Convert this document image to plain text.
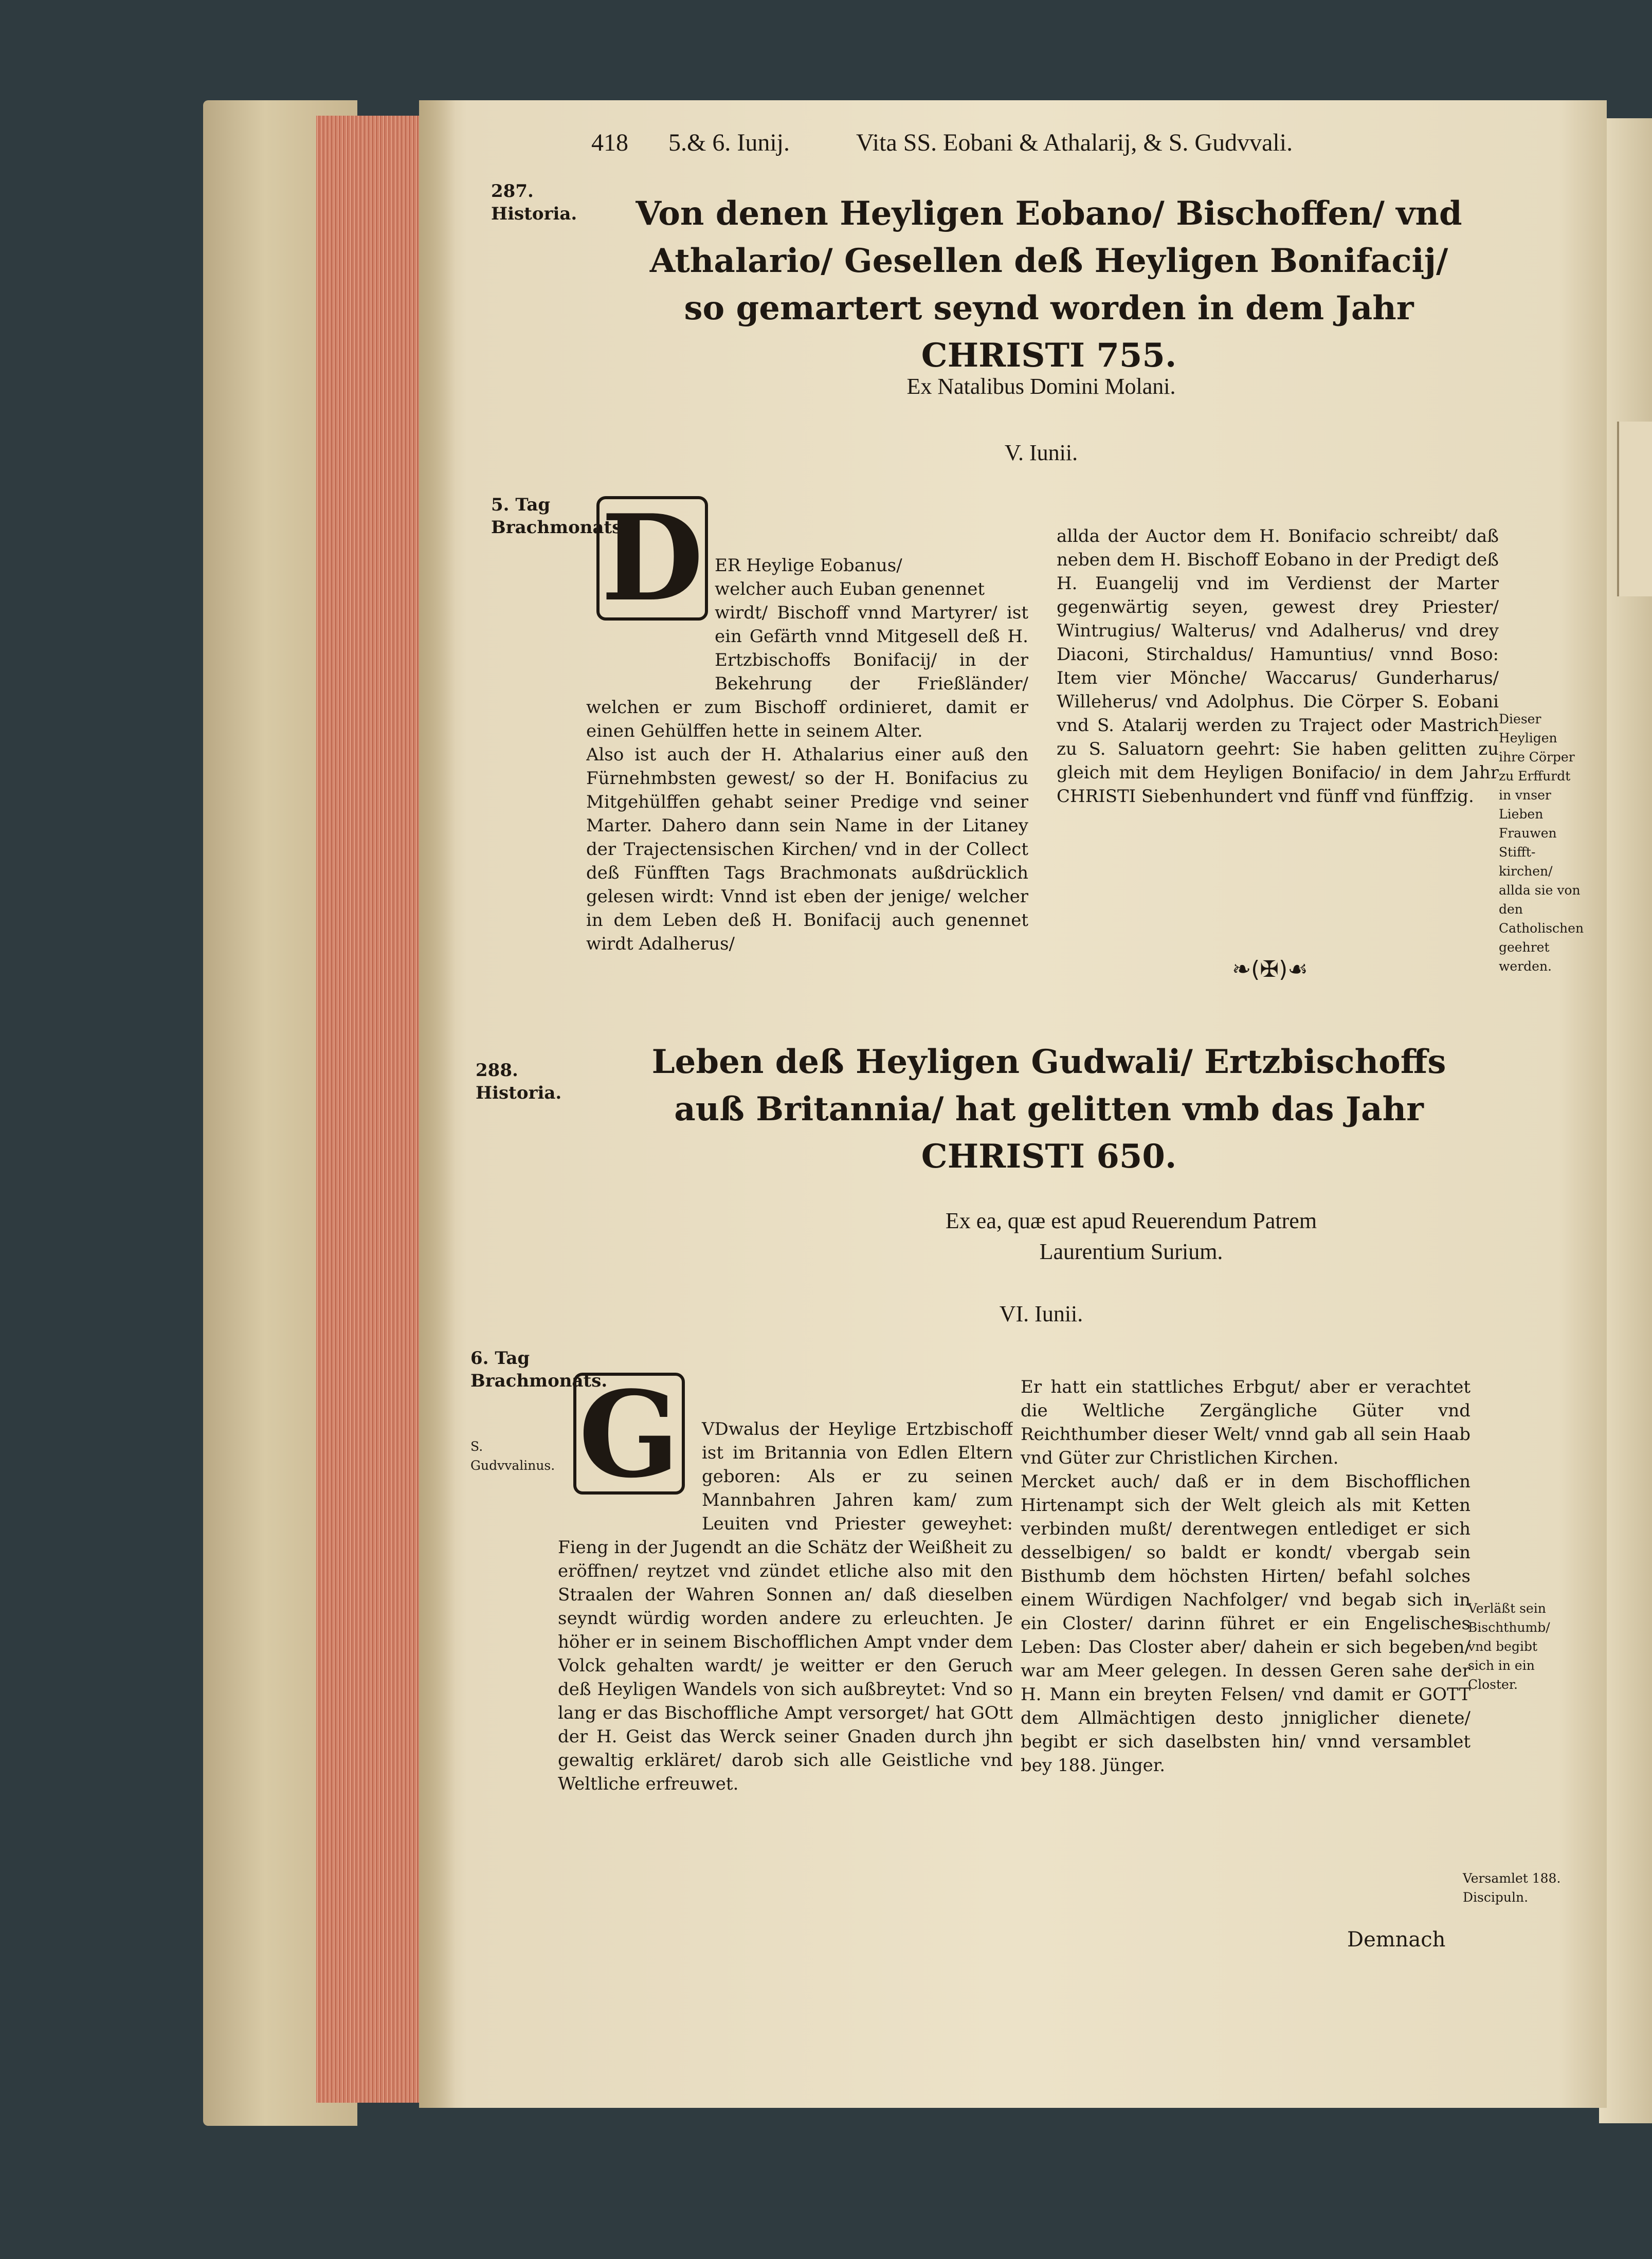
418 5.& 6. Iunij.	Vita SS. Eobani & Athalarij, & S. Gudvvali.
287. Historia.	Von denen Heyligen Eobano/ Bischoffen/ vnd Athalario/ Gesellen deß Heyligen Bonifacij/ so gemartert seynd worden in dem Jahr CHRISTI 755.
Ex Natalibus Domini Molani.
V. Iunii.
5. Tag Brachmonats.
D ER Heylige Eobanus/
welcher auch Euban genennet
wirdt/ Bischoff vnnd Martyrer/ ist ein Gefärth vnnd Mitgesell deß H. Ertzbischoffs Bonifacij/ in der Bekehrung der Frießländer/ welchen er zum Bischoff ordinieret, damit er einen Gehülffen hette in seinem Alter.
Also ist auch der H. Athalarius einer auß den Fürnehmbsten gewest/ so der H. Bonifacius zu Mitgehülffen gehabt seiner Predige vnd seiner Marter. Dahero dann sein Name in der Litaney der Trajectensischen Kirchen/ vnd in der Collect deß Fünfften Tags Brachmonats außdrücklich gelesen wirdt: Vnnd ist eben der jenige/ welcher in dem Leben deß H. Bonifacij auch genennet wirdt Adalherus/

allda der Auctor dem H. Bonifacio schreibt/ daß neben dem H. Bischoff Eobano in der Predigt deß H. Euangelij vnd im Verdienst der Marter gegenwärtig seyen, gewest drey Priester/ Wintrugius/ Walterus/ vnd Adalherus/ vnd drey Diaconi, Stirchaldus/ Hamuntius/ vnnd Boso: Item vier Mönche/ Waccarus/ Gunderharus/ Willeherus/ vnd Adolphus. Die Cörper S. Eobani vnd S. Atalarij werden zu Traject oder Mastrich zu S. Saluatorn geehrt: Sie haben gelitten zu gleich mit dem Heyligen Bonifacio/ in dem Jahr CHRISTI Siebenhundert vnd fünff vnd fünffzig.
❧(✠)☙
Dieser Heyligen ihre Cörper zu Erffurdt in vnser Lieben Frauwen Stifft-kirchen/ allda sie von den Catholischen geehret werden.
288. Historia.
Leben deß Heyligen Gudwali/ Ertzbischoffs auß Britannia/ hat gelitten vmb das Jahr CHRISTI 650.
Ex ea, quæ est apud Reuerendum Patrem Laurentium Surium.
VI. Iunii.
6. Tag Brachmonats.
S. Gudvvalinus. G	VDwalus der Heylige Ertzbischoff ist im Britannia von Edlen Eltern geboren: Als er zu seinen Mannbahren Jahren kam/ zum Leuiten vnd Priester geweyhet: Fieng in der Jugendt an die Schätz der Weißheit zu eröffnen/ reytzet vnd zündet etliche also mit den Straalen der Wahren Sonnen an/ daß dieselben seyndt würdig worden andere zu erleuchten. Je höher er in seinem Bischofflichen Ampt vnder dem Volck gehalten wardt/ je weitter er den Geruch deß Heyligen Wandels von sich außbreytet: Vnd so lang er das Bischoffliche Ampt versorget/ hat GOtt der H. Geist das Werck seiner Gnaden durch jhn gewaltig erkläret/ darob sich alle Geistliche vnd Weltliche erfreuwet.

Er hatt ein stattliches Erbgut/ aber er verachtet die Weltliche Zergängliche Güter vnd Reichthumber dieser Welt/ vnnd gab all sein Haab vnd Güter zur Christlichen Kirchen.
Mercket auch/ daß er in dem Bischofflichen Hirtenampt sich der Welt gleich als mit Ketten verbinden mußt/ derentwegen entlediget er sich desselbigen/ so baldt er kondt/ vbergab sein Bisthumb dem höchsten Hirten/ befahl solches einem Würdigen Nachfolger/ vnd begab sich in ein Closter/ darinn führet er ein Engelisches Leben: Das Closter aber/ dahein er sich begeben/ war am Meer gelegen. In dessen Geren sahe der H. Mann ein breyten Felsen/ vnd damit er GOTT dem Allmächtigen desto jnniglicher dienete/ begibt er sich daselbsten hin/ vnnd versamblet bey 188. Jünger.
Verläßt sein Bischthumb/ vnd begibt sich in ein Closter.
Versamlet 188. Discipuln.
Demnach
